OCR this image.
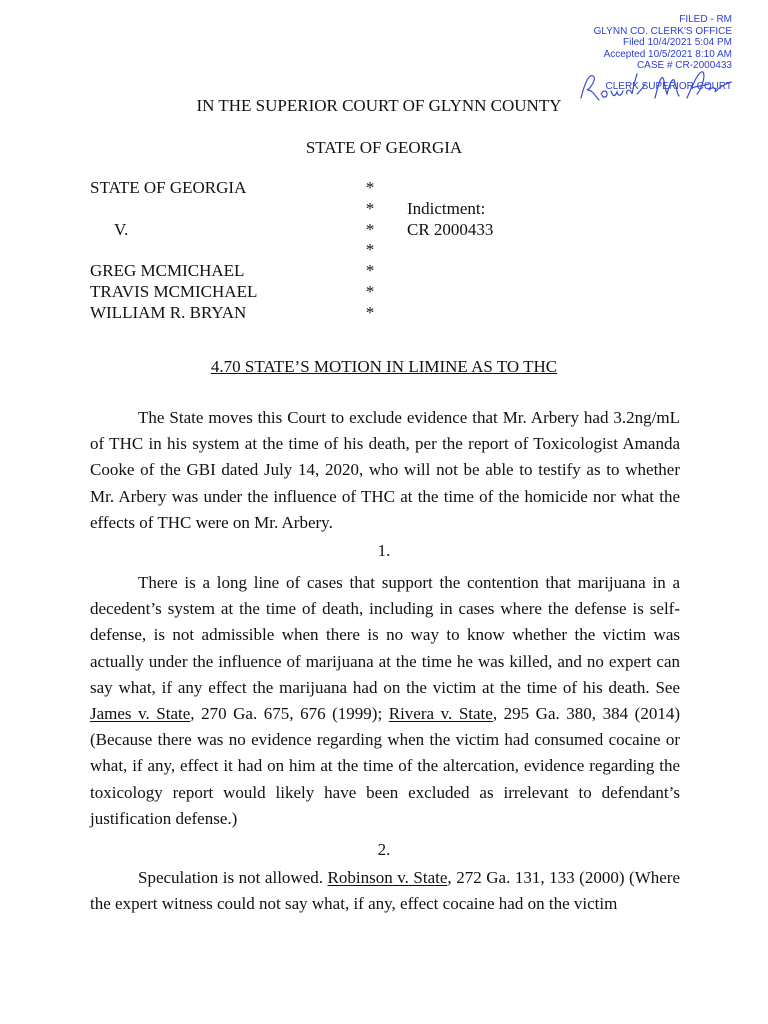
FILED - RM
GLYNN CO. CLERK'S OFFICE
Filed 10/4/2021 5:04 PM
Accepted 10/5/2021 8:10 AM
CASE # CR-2000433
CLERK SUPERIOR COURT
IN THE SUPERIOR COURT OF GLYNN COUNTY
STATE OF GEORGIA
STATE OF GEORGIA
V.
GREG MCMICHAEL
TRAVIS MCMICHAEL
WILLIAM R. BRYAN
*
*
*
*
*
*
*
Indictment:
CR 2000433
4.70 STATE’S MOTION IN LIMINE AS TO THC
The State moves this Court to exclude evidence that Mr. Arbery had 3.2ng/mL of THC in his system at the time of his death, per the report of Toxicologist Amanda Cooke of the GBI dated July 14, 2020, who will not be able to testify as to whether Mr. Arbery was under the influence of THC at the time of the homicide nor what the effects of THC were on Mr. Arbery.
1.
There is a long line of cases that support the contention that marijuana in a decedent’s system at the time of death, including in cases where the defense is self-defense, is not admissible when there is no way to know whether the victim was actually under the influence of marijuana at the time he was killed, and no expert can say what, if any effect the marijuana had on the victim at the time of his death. See James v. State, 270 Ga. 675, 676 (1999); Rivera v. State, 295 Ga. 380, 384 (2014) (Because there was no evidence regarding when the victim had consumed cocaine or what, if any, effect it had on him at the time of the altercation, evidence regarding the toxicology report would likely have been excluded as irrelevant to defendant’s justification defense.)
2.
Speculation is not allowed. Robinson v. State, 272 Ga. 131, 133 (2000) (Where the expert witness could not say what, if any, effect cocaine had on the victim
